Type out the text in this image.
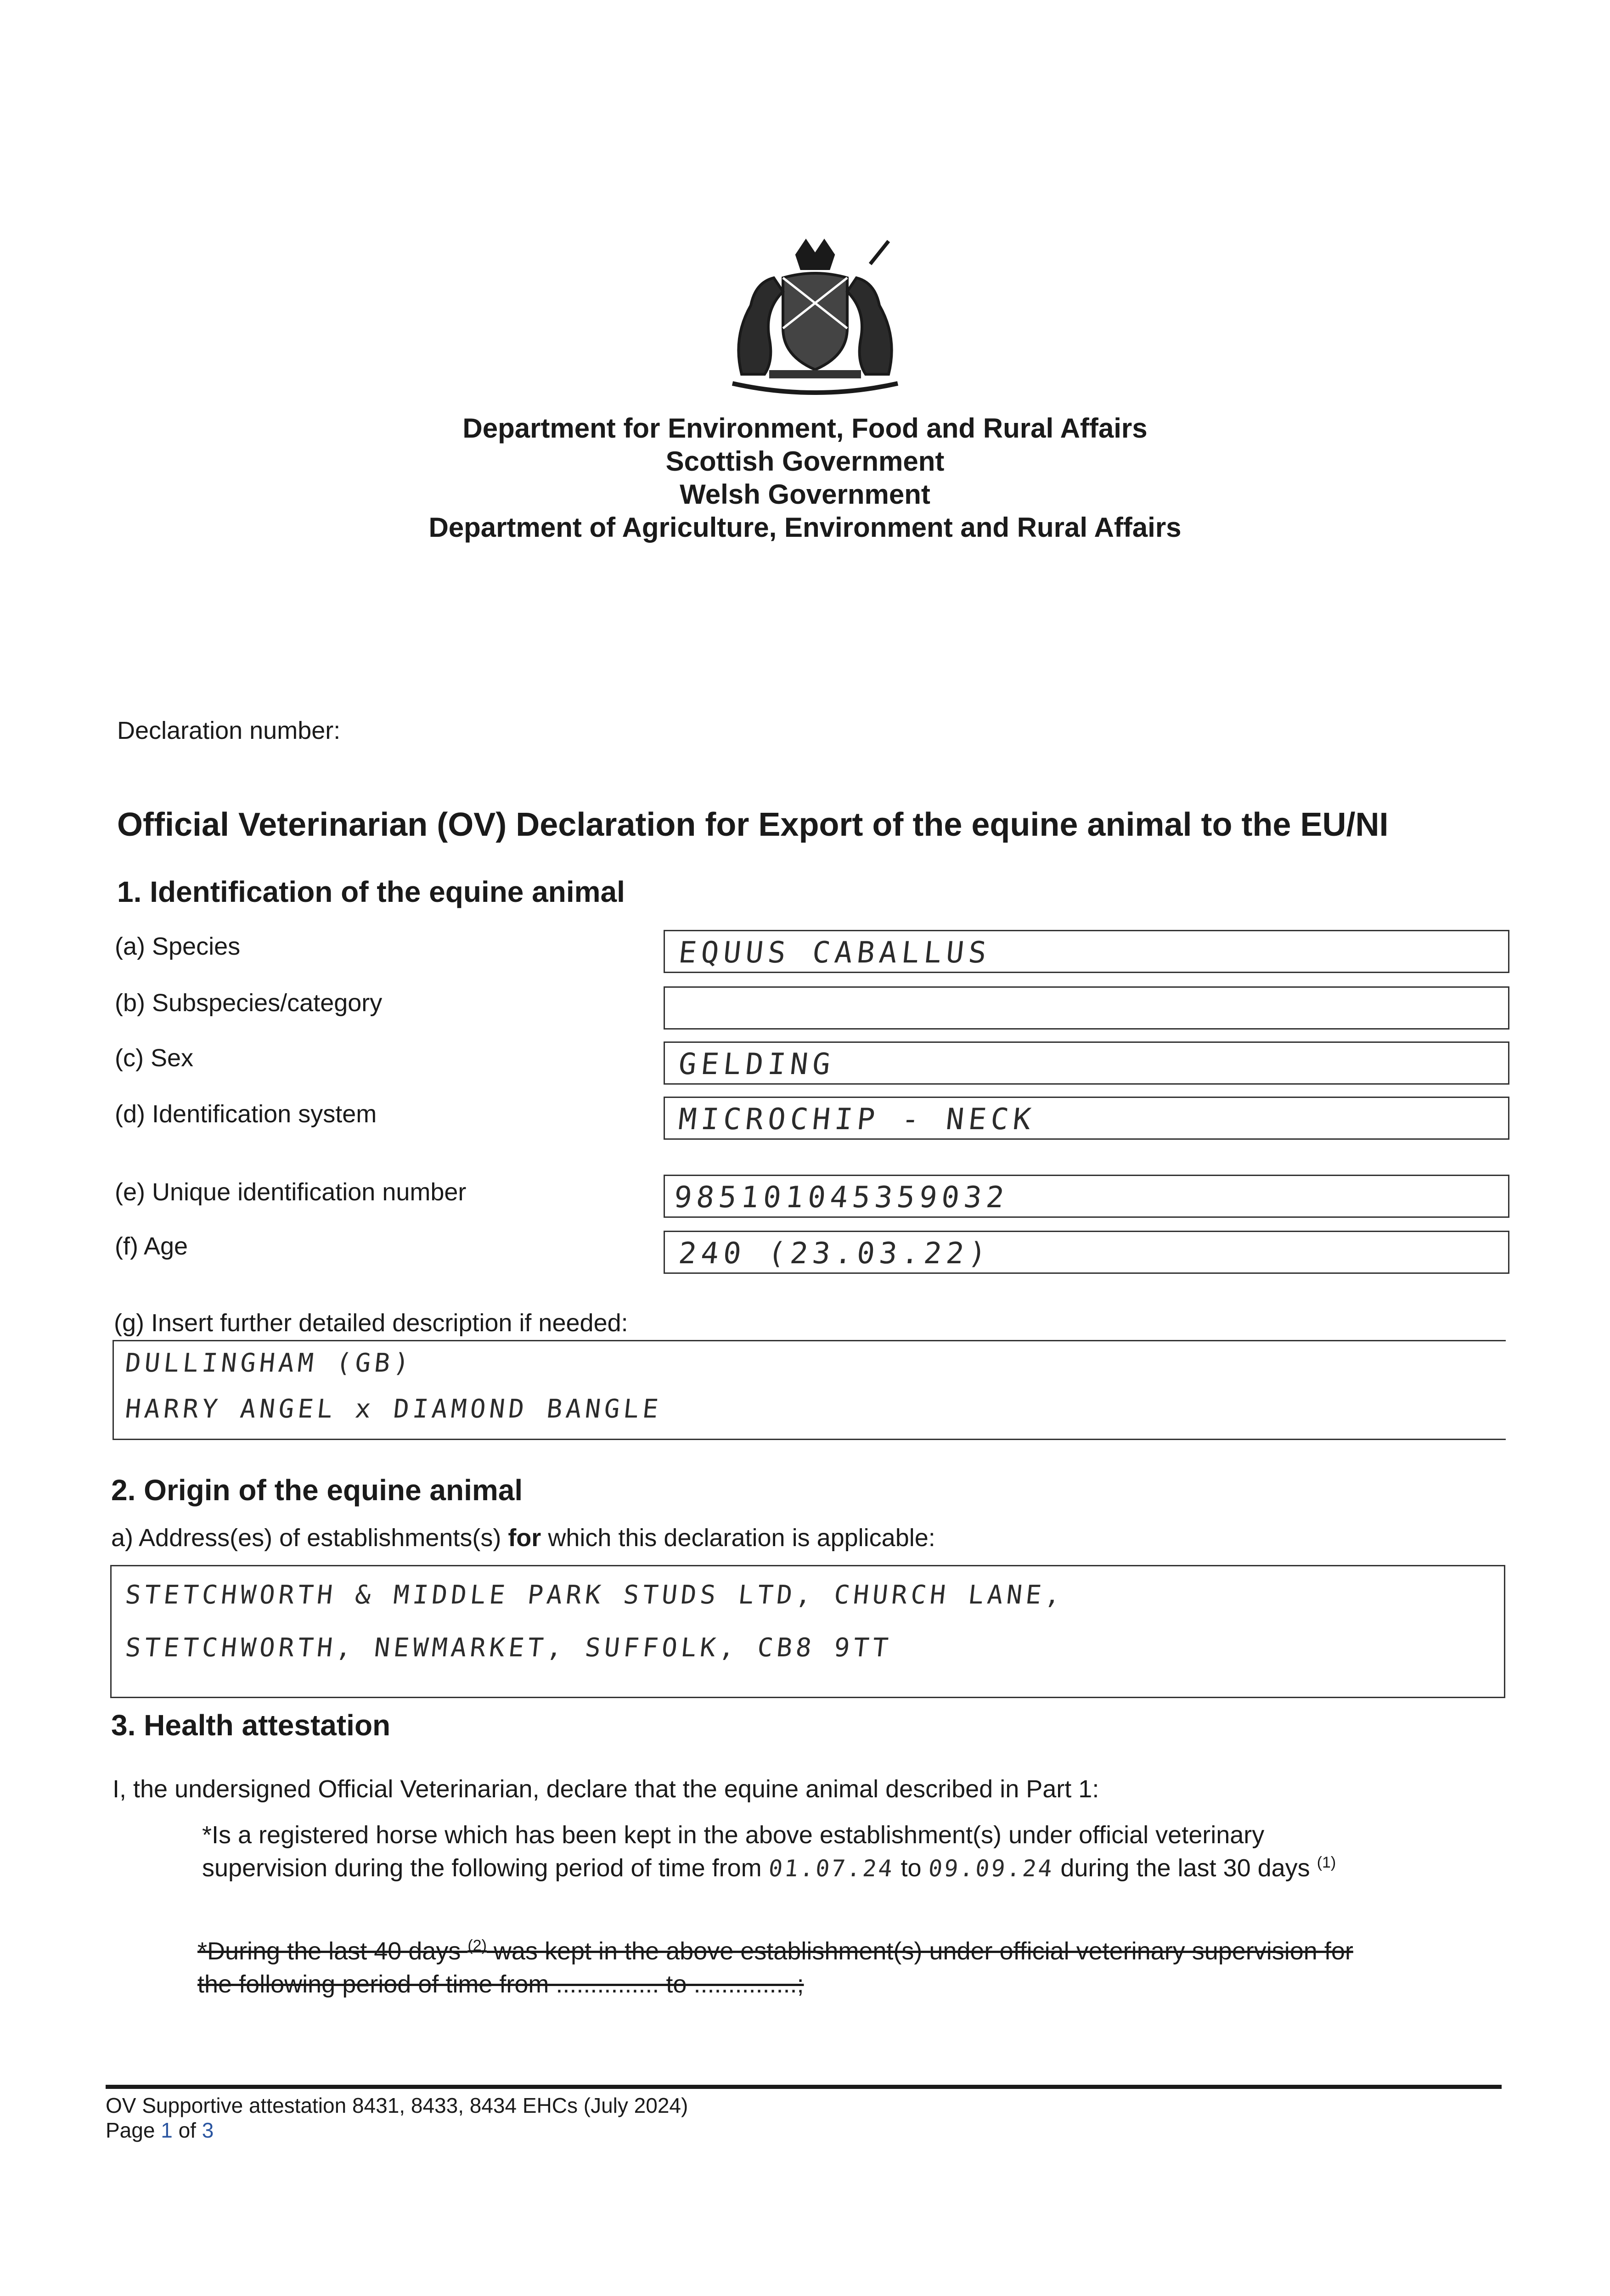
Department for Environment, Food and Rural Affairs
Scottish Government
Welsh Government
Department of Agriculture, Environment and Rural Affairs
Declaration number:
Official Veterinarian (OV) Declaration for Export of the equine animal to the EU/NI
1. Identification of the equine animal
(a) Species	EQUUS CABALLUS
(b) Subspecies/category
(c) Sex	GELDING
(d) Identification system	MICROCHIP - NECK
(e) Unique identification number	985101045359032
(f) Age	240 (23.03.22)
(g) Insert further detailed description if needed:
DULLINGHAM (GB)
HARRY ANGEL x DIAMOND BANGLE
2. Origin of the equine animal
a) Address(es) of establishments(s) for which this declaration is applicable:
STETCHWORTH & MIDDLE PARK STUDS LTD, CHURCH LANE,
STETCHWORTH, NEWMARKET, SUFFOLK, CB8 9TT
3. Health attestation
I, the undersigned Official Veterinarian, declare that the equine animal described in Part 1:
*Is a registered horse which has been kept in the above establishment(s) under official veterinary
supervision during the following period of time from 01.07.24 to 09.09.24 during the last 30 days $^{(1)}$
*During the last 40 days $^{(2)}$ was kept in the above establishment(s) under official veterinary supervision for
the following period of time from ............... to ...............;
OV Supportive attestation 8431, 8433, 8434 EHCs (July 2024)
Page 1 of 3
